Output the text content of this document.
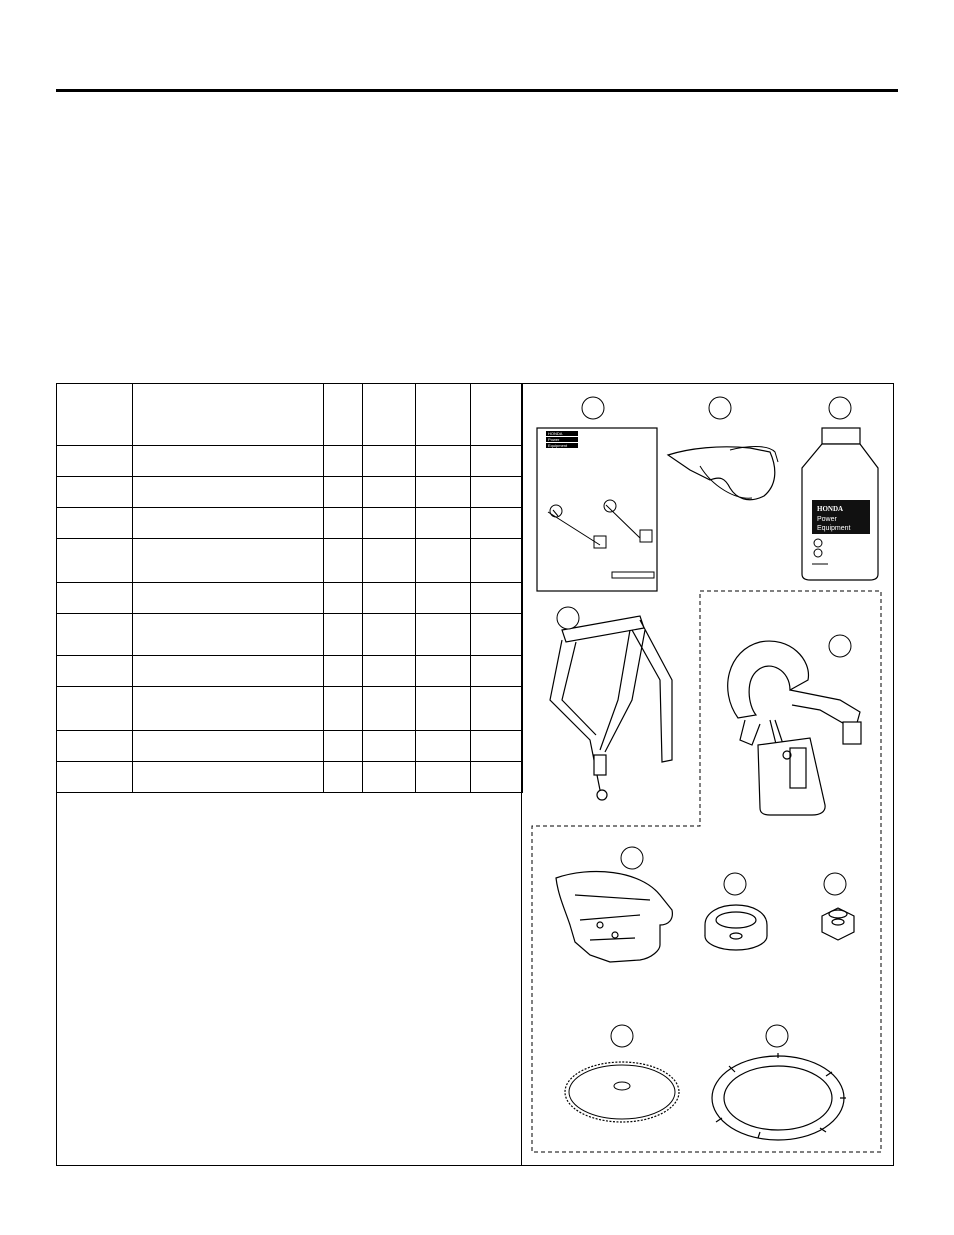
HONDA
Power
Equipment
HONDA
Power
Equipment
